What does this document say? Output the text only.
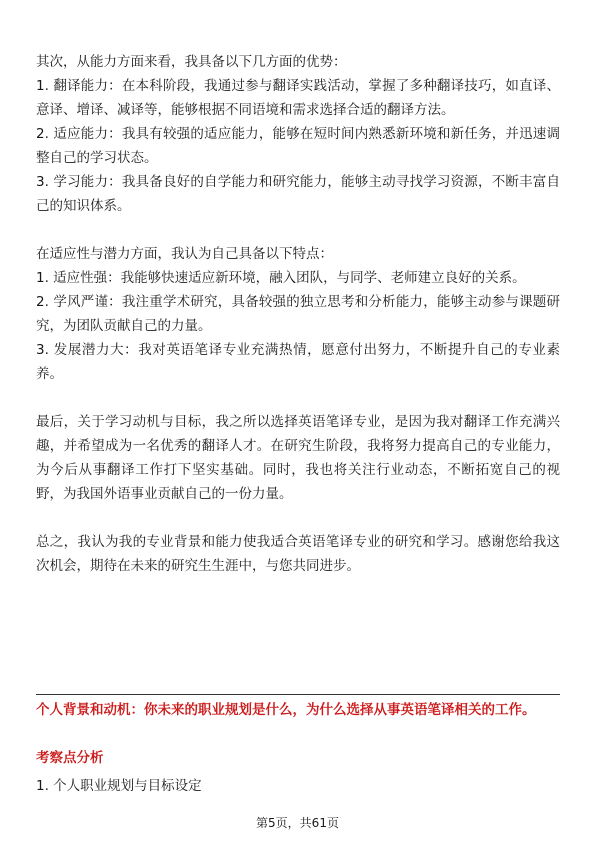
其次，从能力方面来看，我具备以下几方面的优势：

1. 翻译能力：在本科阶段，我通过参与翻译实践活动，掌握了多种翻译技巧，如直译、意译、增译、减译等，能够根据不同语境和需求选择合适的翻译方法。

2. 适应能力：我具有较强的适应能力，能够在短时间内熟悉新环境和新任务，并迅速调整自己的学习状态。

3. 学习能力：我具备良好的自学能力和研究能力，能够主动寻找学习资源，不断丰富自己的知识体系。

在适应性与潜力方面，我认为自己具备以下特点：

1. 适应性强：我能够快速适应新环境，融入团队，与同学、老师建立良好的关系。

2. 学风严谨：我注重学术研究，具备较强的独立思考和分析能力，能够主动参与课题研究，为团队贡献自己的力量。

3. 发展潜力大：我对英语笔译专业充满热情，愿意付出努力，不断提升自己的专业素养。

最后，关于学习动机与目标，我之所以选择英语笔译专业，是因为我对翻译工作充满兴趣，并希望成为一名优秀的翻译人才。在研究生阶段，我将努力提高自己的专业能力，为今后从事翻译工作打下坚实基础。同时，我也将关注行业动态，不断拓宽自己的视野，为我国外语事业贡献自己的一份力量。

总之，我认为我的专业背景和能力使我适合英语笔译专业的研究和学习。感谢您给我这次机会，期待在未来的研究生生涯中，与您共同进步。

个人背景和动机：你未来的职业规划是什么，为什么选择从事英语笔译相关的工作。
考察点分析
1. 个人职业规划与目标设定
第5页，共61页
